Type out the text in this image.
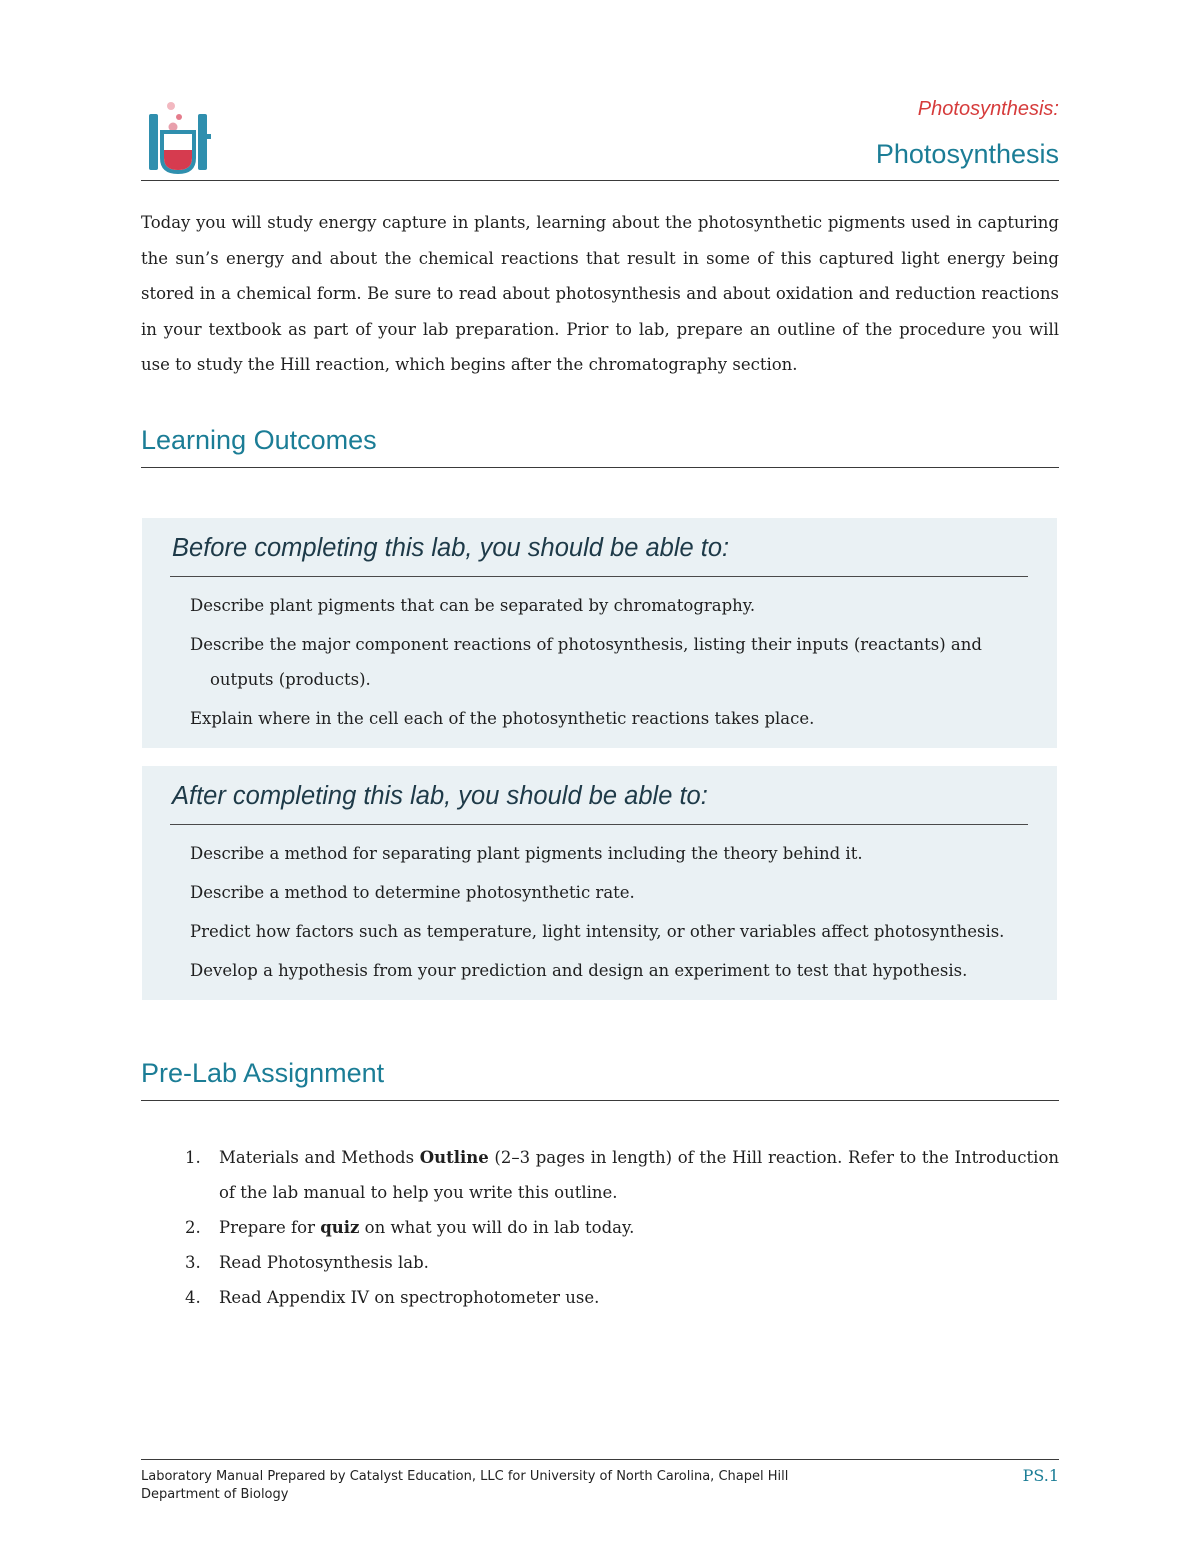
Photosynthesis:
Photosynthesis

Today you will study energy capture in plants, learning about the photosynthetic pigments used in capturing the sun’s energy and about the chemical reactions that result in some of this captured light energy being stored in a chemical form. Be sure to read about photosynthesis and about oxidation and reduction reactions in your textbook as part of your lab preparation. Prior to lab, prepare an outline of the procedure you will use to study the Hill reaction, which begins after the chromatography section.

Learning Outcomes
Before completing this lab, you should be able to:
Describe plant pigments that can be separated by chromatography.
Describe the major component reactions of photosynthesis, listing their inputs (reactants) and outputs (products).
Explain where in the cell each of the photosynthetic reactions takes place.
After completing this lab, you should be able to:
Describe a method for separating plant pigments including the theory behind it.
Describe a method to determine photosynthetic rate.
Predict how factors such as temperature, light intensity, or other variables affect photosynthesis.
Develop a hypothesis from your prediction and design an experiment to test that hypothesis.
Pre-Lab Assignment
1. Materials and Methods Outline (2–3 pages in length) of the Hill reaction. Refer to the Introduction of the lab manual to help you write this outline.
2. Prepare for quiz on what you will do in lab today.
3. Read Photosynthesis lab.
4. Read Appendix IV on spectrophotometer use.
Laboratory Manual Prepared by Catalyst Education, LLC for University of North Carolina, Chapel Hill
Department of Biology
PS.1
